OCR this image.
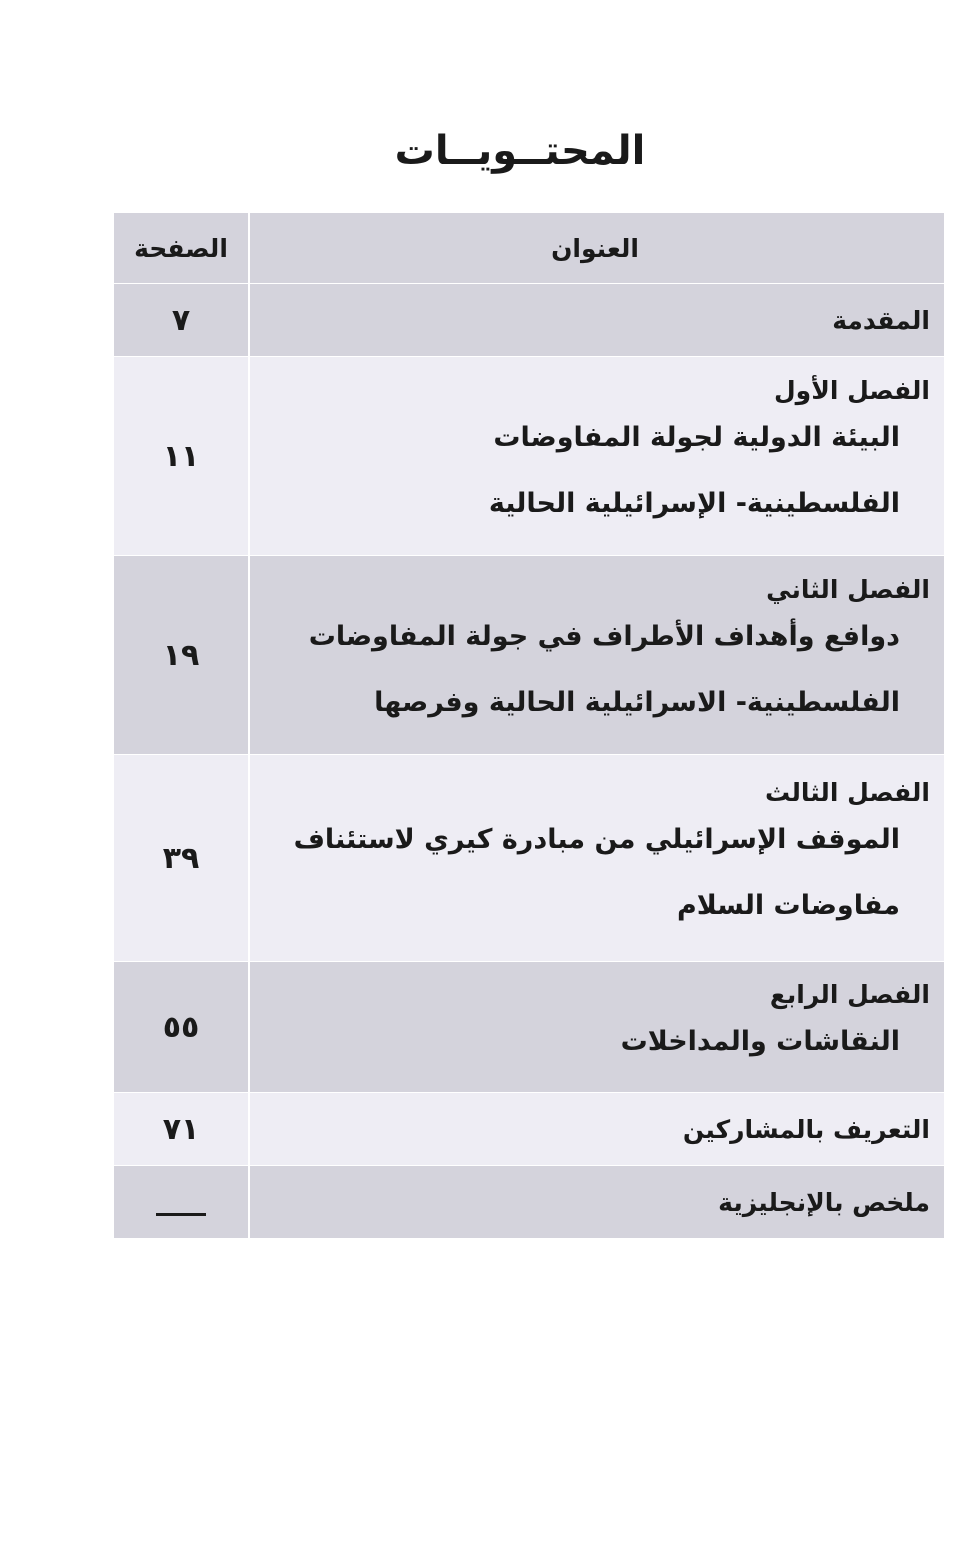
المحتــويــات
العنوان
الصفحة
المقدمة
٧
الفصل الأول
البيئة الدولية لجولة المفاوضات
الفلسطينية- الإسرائيلية الحالية
١١
الفصل الثاني
دوافع وأهداف الأطراف في جولة المفاوضات
الفلسطينية- الاسرائيلية الحالية وفرصها
١٩
الفصل الثالث
الموقف الإسرائيلي من مبادرة كيري لاستئناف
مفاوضات السلام
٣٩
الفصل الرابع
النقاشات والمداخلات
٥٥
التعريف بالمشاركين
٧١
ملخص بالإنجليزية
